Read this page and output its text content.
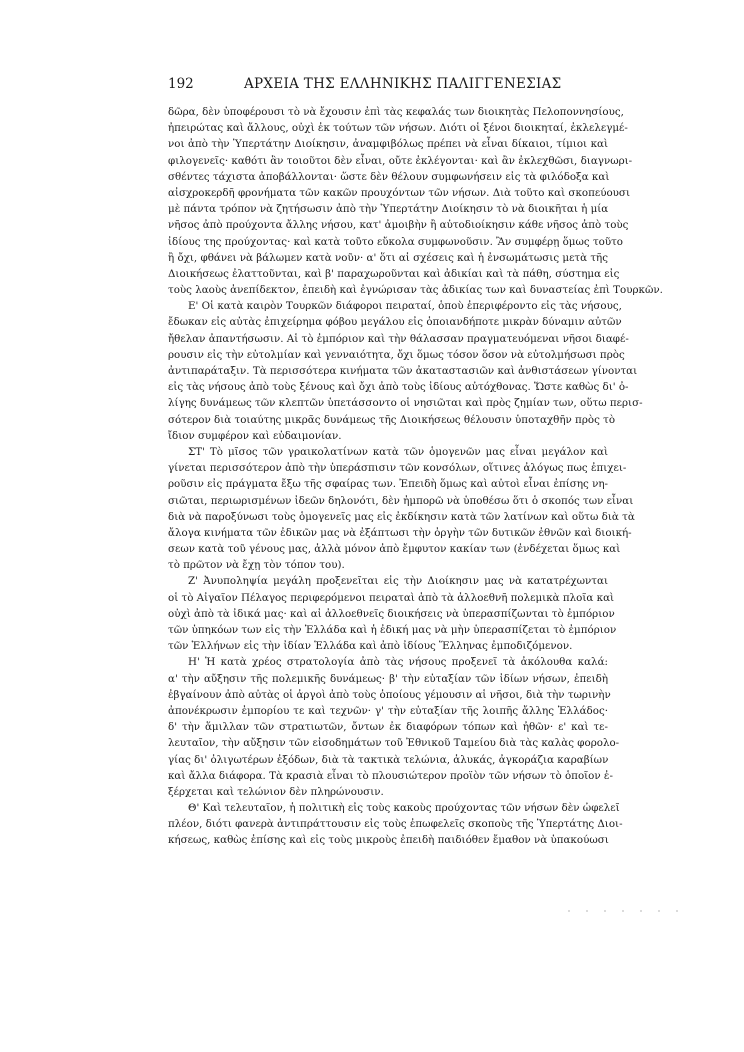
192	ΑΡΧΕΙΑ ΤΗΣ ΕΛΛΗΝΙΚΗΣ ΠΑΛΙΓΓΕΝΕΣΙΑΣ
δῶρα, δὲν ὑποφέρουσι τὸ νὰ ἔχουσιν ἐπὶ τὰς κεφαλάς των διοικητὰς Πελοποννησίους,
ἠπειρώτας καὶ ἄλλους, οὐχὶ ἐκ τούτων τῶν νήσων. Διότι οἱ ξένοι διοικηταί, ἐκλελεγμέ-
νοι ἀπὸ τὴν Ὑπερτάτην Διοίκησιν, ἀναμφιβόλως πρέπει νὰ εἶναι δίκαιοι, τίμιοι καὶ
φιλογενεῖς· καθότι ἂν τοιοῦτοι δὲν εἶναι, οὔτε ἐκλέγονται· καὶ ἂν ἐκλεχθῶσι, διαγνωρι-
σθέντες τάχιστα ἀποβάλλονται· ὥστε δὲν θέλουν συμφωνήσειν εἰς τὰ φιλόδοξα καὶ
αἰσχροκερδῆ φρονήματα τῶν κακῶν προυχόντων τῶν νήσων. Διὰ τοῦτο καὶ σκοπεύουσι
μὲ πάντα τρόπον νὰ ζητήσωσιν ἀπὸ τὴν Ὑπερτάτην Διοίκησιν τὸ νὰ διοικῆται ἡ μία
νῆσος ἀπὸ προύχοντα ἄλλης νήσου, κατ' ἀμοιβὴν ἢ αὐτοδιοίκησιν κάθε νῆσος ἀπὸ τοὺς
ἰδίους της προύχοντας· καὶ κατὰ τοῦτο εὔκολα συμφωνοῦσιν. Ἂν συμφέρῃ ὅμως τοῦτο
ἢ ὄχι, φθάνει νὰ βάλωμεν κατὰ νοῦν· α' ὅτι αἱ σχέσεις καὶ ἡ ἐνσωμάτωσις μετὰ τῆς
Διοικήσεως ἐλαττοῦνται, καὶ β' παραχωροῦνται καὶ ἀδικίαι καὶ τὰ πάθη, σύστημα εἰς
τοὺς λαοὺς ἀνεπίδεκτον, ἐπειδὴ καὶ ἐγνώρισαν τὰς ἀδικίας των καὶ δυναστείας ἐπὶ Τουρκῶν.
Ε' Οἱ κατὰ καιρὸν Τουρκῶν διάφοροι πειραταί, ὁποὺ ἐπεριφέροντο εἰς τὰς νήσους,
ἔδωκαν εἰς αὐτὰς ἐπιχείρημα φόβου μεγάλου εἰς ὁποιανδήποτε μικρὰν δύναμιν αὐτῶν
ἤθελαν ἀπαντήσωσιν. Αἱ τὸ ἐμπόριον καὶ τὴν θάλασσαν πραγματευόμεναι νῆσοι διαφέ-
ρουσιν εἰς τὴν εὐτολμίαν καὶ γενναιότητα, ὄχι ὅμως τόσον ὅσον νὰ εὐτολμήσωσι πρὸς
ἀντιπαράταξιν. Τὰ περισσότερα κινήματα τῶν ἀκαταστασιῶν καὶ ἀνθιστάσεων γίνονται
εἰς τὰς νήσους ἀπὸ τοὺς ξένους καὶ ὄχι ἀπὸ τοὺς ἰδίους αὐτόχθονας. Ὥστε καθὼς δι' ὀ-
λίγης δυνάμεως τῶν κλεπτῶν ὑπετάσσοντο οἱ νησιῶται καὶ πρὸς ζημίαν των, οὕτω περισ-
σότερον διὰ τοιαύτης μικρᾶς δυνάμεως τῆς Διοικήσεως θέλουσιν ὑποταχθῆν πρὸς τὸ
ἴδιον συμφέρον καὶ εὐδαιμονίαν.
ΣΤ' Τὸ μῖσος τῶν γραικολατίνων κατὰ τῶν ὁμογενῶν μας εἶναι μεγάλον καὶ
γίνεται περισσότερον ἀπὸ τὴν ὑπεράσπισιν τῶν κονσόλων, οἵτινες ἀλόγως πως ἐπιχει-
ροῦσιν εἰς πράγματα ἔξω τῆς σφαίρας των. Ἐπειδὴ ὅμως καὶ αὐτοὶ εἶναι ἐπίσης νη-
σιῶται, περιωρισμένων ἰδεῶν δηλονότι, δὲν ἠμπορῶ νὰ ὑποθέσω ὅτι ὁ σκοπός των εἶναι
διὰ νὰ παροξύνωσι τοὺς ὁμογενεῖς μας εἰς ἐκδίκησιν κατὰ τῶν λατίνων καὶ οὕτω διὰ τὰ
ἄλογα κινήματα τῶν ἐδικῶν μας νὰ ἐξάπτωσι τὴν ὀργὴν τῶν δυτικῶν ἐθνῶν καὶ διοική-
σεων κατὰ τοῦ γένους μας, ἀλλὰ μόνον ἀπὸ ἔμφυτον κακίαν των (ἐνδέχεται ὅμως καὶ
τὸ πρῶτον νὰ ἔχῃ τὸν τόπον του).
Ζ' Ἀνυποληψία μεγάλη προξενεῖται εἰς τὴν Διοίκησιν μας νὰ κατατρέχωνται
οἱ τὸ Αἰγαῖον Πέλαγος περιφερόμενοι πειραταὶ ἀπὸ τὰ ἀλλοεθνῆ πολεμικὰ πλοῖα καὶ
οὐχὶ ἀπὸ τὰ ἰδικά μας· καὶ αἱ ἀλλοεθνεῖς διοικήσεις νὰ ὑπερασπίζωνται τὸ ἐμπόριον
τῶν ὑπηκόων των εἰς τὴν Ἑλλάδα καὶ ἡ ἐδική μας νὰ μὴν ὑπερασπίζεται τὸ ἐμπόριον
τῶν Ἑλλήνων εἰς τὴν ἰδίαν Ἑλλάδα καὶ ἀπὸ ἰδίους Ἕλληνας ἐμποδιζόμενον.
Η' Ἡ κατὰ χρέος στρατολογία ἀπὸ τὰς νήσους προξενεῖ τὰ ἀκόλουθα καλά:
α' τὴν αὔξησιν τῆς πολεμικῆς δυνάμεως· β' τὴν εὐταξίαν τῶν ἰδίων νήσων, ἐπειδὴ
ἐβγαίνουν ἀπὸ αὐτὰς οἱ ἀργοὶ ἀπὸ τοὺς ὁποίους γέμουσιν αἱ νῆσοι, διὰ τὴν τωρινὴν
ἀπονέκρωσιν ἐμπορίου τε καὶ τεχνῶν· γ' τὴν εὐταξίαν τῆς λοιπῆς ἄλλης Ἑλλάδος·
δ' τὴν ἅμιλλαν τῶν στρατιωτῶν, ὄντων ἐκ διαφόρων τόπων καὶ ἠθῶν· ε' καὶ τε-
λευταῖον, τὴν αὔξησιν τῶν εἰσοδημάτων τοῦ Ἐθνικοῦ Ταμείου διὰ τὰς καλὰς φορολο-
γίας δι' ὀλιγωτέρων ἐξόδων, διὰ τὰ τακτικὰ τελώνια, ἁλυκάς, ἀγκοράζια καραβίων
καὶ ἄλλα διάφορα. Τὰ κρασιὰ εἶναι τὸ πλουσιώτερον προϊὸν τῶν νήσων τὸ ὁποῖον ἐ-
ξέρχεται καὶ τελώνιον δὲν πληρώνουσιν.
Θ' Καὶ τελευταῖον, ἡ πολιτικὴ εἰς τοὺς κακοὺς προύχοντας τῶν νήσων δὲν ὠφελεῖ
πλέον, διότι φανερὰ ἀντιπράττουσιν εἰς τοὺς ἐπωφελεῖς σκοποὺς τῆς Ὑπερτάτης Διοι-
κήσεως, καθὼς ἐπίσης καὶ εἰς τοὺς μικροὺς ἐπειδὴ παιδιόθεν ἔμαθον νὰ ὑπακούωσι
